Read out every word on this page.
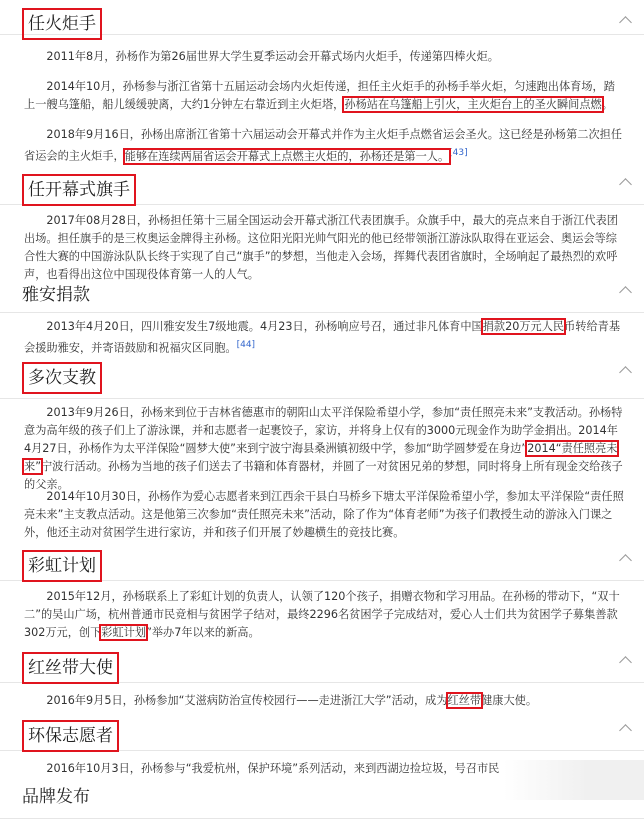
任火炬手

2011年8月，孙杨作为第26届世界大学生夏季运动会开幕式场内火炬手，传递第四棒火炬。

2014年10月，孙杨参与浙江省第十五届运动会场内火炬传递，担任主火炬手的孙杨手举火炬，匀速跑出体育场，踏上一艘乌篷船，船儿缓缓驶离，大约1分钟左右靠近到主火炬塔，孙杨站在乌篷船上引火，主火炬台上的圣火瞬间点燃。

2018年9月16日，孙杨出席浙江省第十六届运动会开幕式并作为主火炬手点燃省运会圣火。这已经是孙杨第二次担任省运会的主火炬手，能够在连续两届省运会开幕式上点燃主火炬的，孙杨还是第一人。[43]

任开幕式旗手

2017年08月28日，孙杨担任第十三届全国运动会开幕式浙江代表团旗手。众旗手中，最大的亮点来自于浙江代表团出场。担任旗手的是三枚奥运金牌得主孙杨。这位阳光阳光帅气阳光的他已经带领浙江游泳队取得在亚运会、奥运会等综合性大赛的中国游泳队队长终于实现了自己“旗手”的梦想，当他走入会场，挥舞代表团省旗时，全场响起了最热烈的欢呼声，也看得出这位中国现役体育第一人的人气。

雅安捐款

2013年4月20日，四川雅安发生7级地震。4月23日，孙杨响应号召，通过非凡体育中国捐款20万元人民币转给青基会援助雅安，并寄语鼓励和祝福灾区同胞。[44]

多次支教

2013年9月26日，孙杨来到位于吉林省德惠市的朝阳山太平洋保险希望小学，参加“责任照亮未来”支教活动。孙杨特意为高年级的孩子们上了游泳课，并和志愿者一起裹饺子，家访，并将身上仅有的3000元现金作为助学金捐出。2014年4月27日，孙杨作为太平洋保险“圆梦大使”来到宁波宁海县桑洲镇初级中学，参加“助学圆梦爱在身边”2014“责任照亮未来”宁波行活动。孙杨为当地的孩子们送去了书籍和体育器材，并圆了一对贫困兄弟的梦想，同时将身上所有现金交给孩子的父亲。

2014年10月30日，孙杨作为爱心志愿者来到江西余干县白马桥乡下塘太平洋保险希望小学，参加太平洋保险“责任照亮未来”主支教点活动。这是他第三次参加“责任照亮未来”活动，除了作为“体育老师”为孩子们教授生动的游泳入门课之外，他还主动对贫困学生进行家访，并和孩子们开展了妙趣横生的竞技比赛。

彩虹计划

2015年12月，孙杨联系上了彩虹计划的负责人，认领了120个孩子，捐赠衣物和学习用品。在孙杨的带动下，“双十二”的吴山广场，杭州普通市民竞相与贫困学子结对，最终2296名贫困学子完成结对，爱心人士们共为贫困学子募集善款302万元，创下彩虹计划”举办7年以来的新高。

红丝带大使

2016年9月5日，孙杨参加“艾滋病防治宣传校园行——走进浙江大学”活动，成为红丝带健康大使。

环保志愿者

2016年10月3日，孙杨参与“我爱杭州，保护环境”系列活动，来到西湖边捡垃圾，号召市民

品牌发布
